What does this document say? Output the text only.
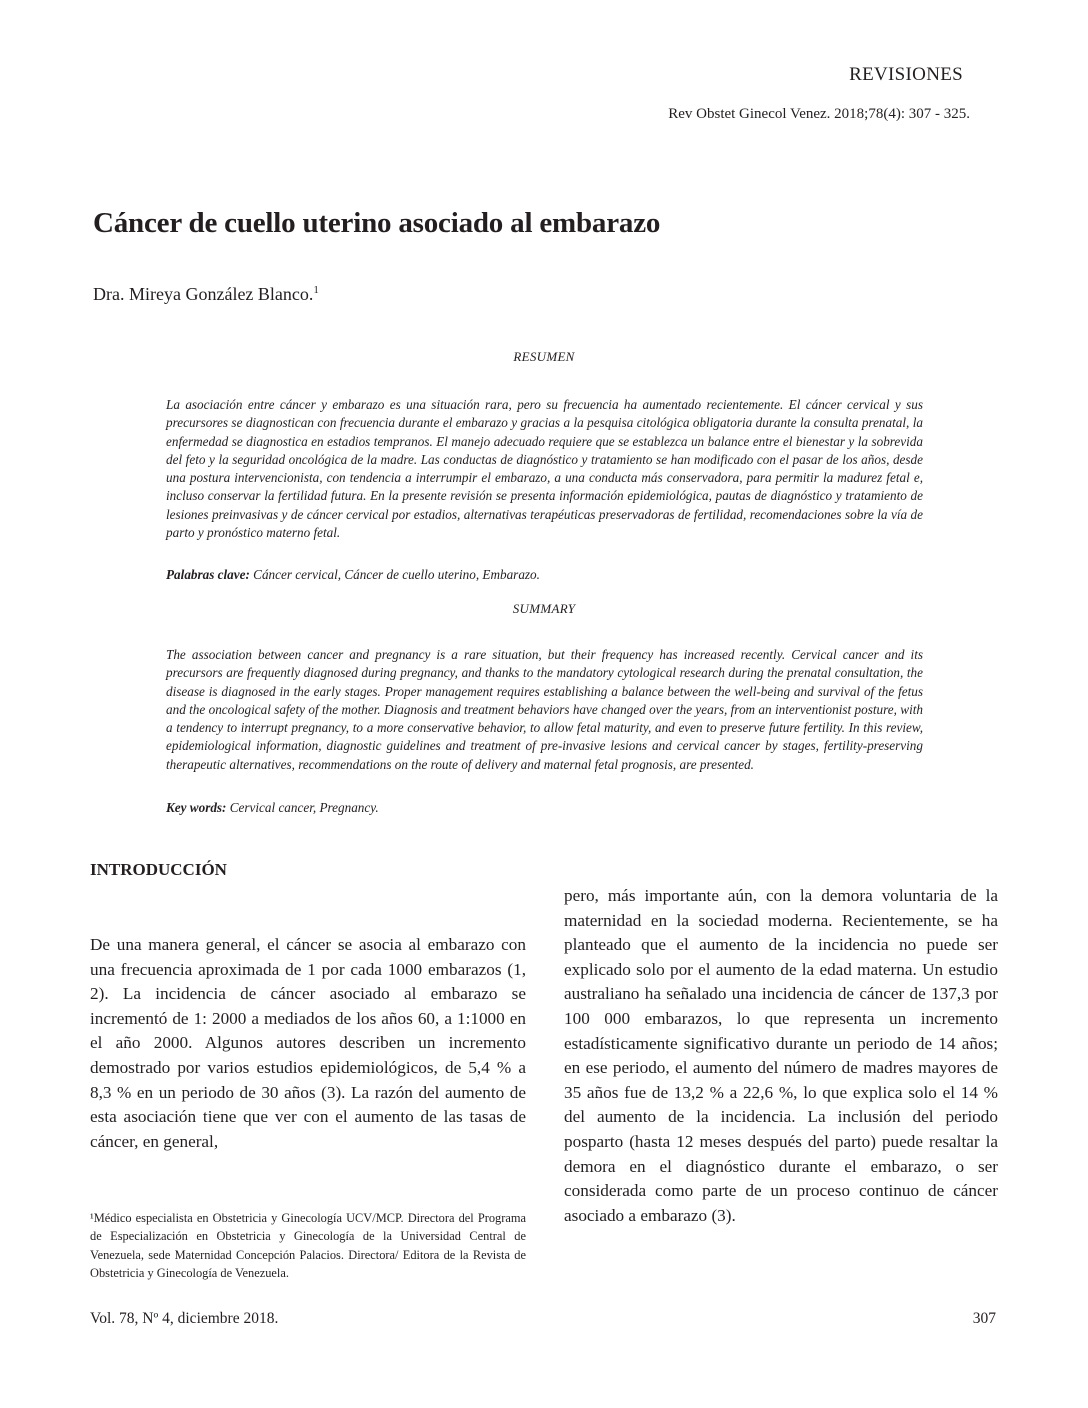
REVISIONES
Rev Obstet Ginecol Venez. 2018;78(4): 307 - 325.
Cáncer de cuello uterino asociado al embarazo
Dra. Mireya González Blanco.$^1$
RESUMEN

La asociación entre cáncer y embarazo es una situación rara, pero su frecuencia ha aumentado recientemente. El cáncer cervical y sus precursores se diagnostican con frecuencia durante el embarazo y gracias a la pesquisa citológica obligatoria durante la consulta prenatal, la enfermedad se diagnostica en estadios tempranos. El manejo adecuado requiere que se establezca un balance entre el bienestar y la sobrevida del feto y la seguridad oncológica de la madre. Las conductas de diagnóstico y tratamiento se han modificado con el pasar de los años, desde una postura intervencionista, con tendencia a interrumpir el embarazo, a una conducta más conservadora, para permitir la madurez fetal e, incluso conservar la fertilidad futura. En la presente revisión se presenta información epidemiológica, pautas de diagnóstico y tratamiento de lesiones preinvasivas y de cáncer cervical por estadios, alternativas terapéuticas preservadoras de fertilidad, recomendaciones sobre la vía de parto y pronóstico materno fetal.

Palabras clave: Cáncer cervical, Cáncer de cuello uterino, Embarazo.
SUMMARY

The association between cancer and pregnancy is a rare situation, but their frequency has increased recently. Cervical cancer and its precursors are frequently diagnosed during pregnancy, and thanks to the mandatory cytological research during the prenatal consultation, the disease is diagnosed in the early stages. Proper management requires establishing a balance between the well-being and survival of the fetus and the oncological safety of the mother. Diagnosis and treatment behaviors have changed over the years, from an interventionist posture, with a tendency to interrupt pregnancy, to a more conservative behavior, to allow fetal maturity, and even to preserve future fertility. In this review, epidemiological information, diagnostic guidelines and treatment of pre-invasive lesions and cervical cancer by stages, fertility-preserving therapeutic alternatives, recommendations on the route of delivery and maternal fetal prognosis, are presented.

Key words: Cervical cancer, Pregnancy.
INTRODUCCIÓN

De una manera general, el cáncer se asocia al embarazo con una frecuencia aproximada de 1 por cada 1000 embarazos (1, 2). La incidencia de cáncer asociado al embarazo se incrementó de 1: 2000 a mediados de los años 60, a 1:1000 en el año 2000. Algunos autores describen un incremento demostrado por varios estudios epidemiológicos, de 5,4 % a 8,3 % en un periodo de 30 años (3). La razón del aumento de esta asociación tiene que ver con el aumento de las tasas de cáncer, en general,

pero, más importante aún, con la demora voluntaria de la maternidad en la sociedad moderna. Recientemente, se ha planteado que el aumento de la incidencia no puede ser explicado solo por el aumento de la edad materna. Un estudio australiano ha señalado una incidencia de cáncer de 137,3 por 100 000 embarazos, lo que representa un incremento estadísticamente significativo durante un periodo de 14 años; en ese periodo, el aumento del número de madres mayores de 35 años fue de 13,2 % a 22,6 %, lo que explica solo el 14 % del aumento de la incidencia. La inclusión del periodo posparto (hasta 12 meses después del parto) puede resaltar la demora en el diagnóstico durante el embarazo, o ser considerada como parte de un proceso continuo de cáncer asociado a embarazo (3).

¹Médico especialista en Obstetricia y Ginecología UCV/MCP. Directora del Programa de Especialización en Obstetricia y Ginecología de la Universidad Central de Venezuela, sede Maternidad Concepción Palacios. Directora/ Editora de la Revista de Obstetricia y Ginecología de Venezuela.

Vol. 78, Nº 4, diciembre 2018.	307
